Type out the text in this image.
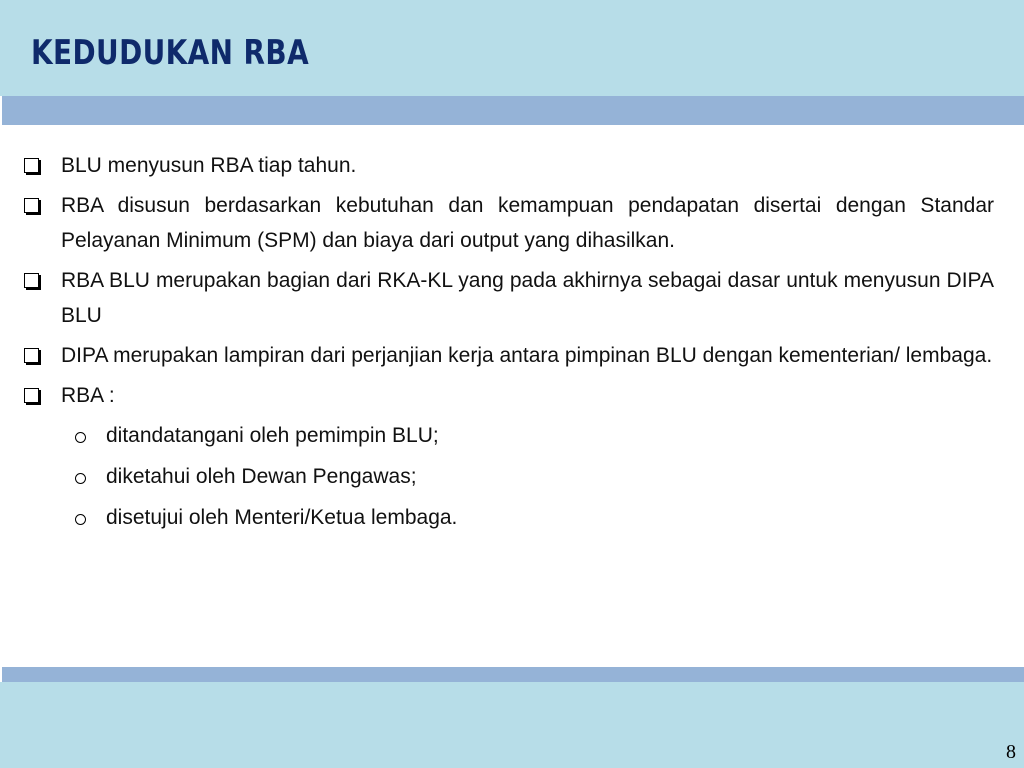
KEDUDUKAN RBA
BLU menyusun RBA tiap tahun.
RBA disusun berdasarkan kebutuhan dan kemampuan pendapatan disertai dengan Standar Pelayanan Minimum (SPM) dan biaya dari output yang dihasilkan.
RBA BLU merupakan bagian dari RKA-KL yang pada akhirnya sebagai dasar untuk menyusun DIPA BLU
DIPA merupakan lampiran dari perjanjian kerja antara pimpinan BLU dengan kementerian/ lembaga.
RBA :
ditandatangani oleh pemimpin BLU;
diketahui oleh Dewan Pengawas;
disetujui oleh Menteri/Ketua lembaga.
8
